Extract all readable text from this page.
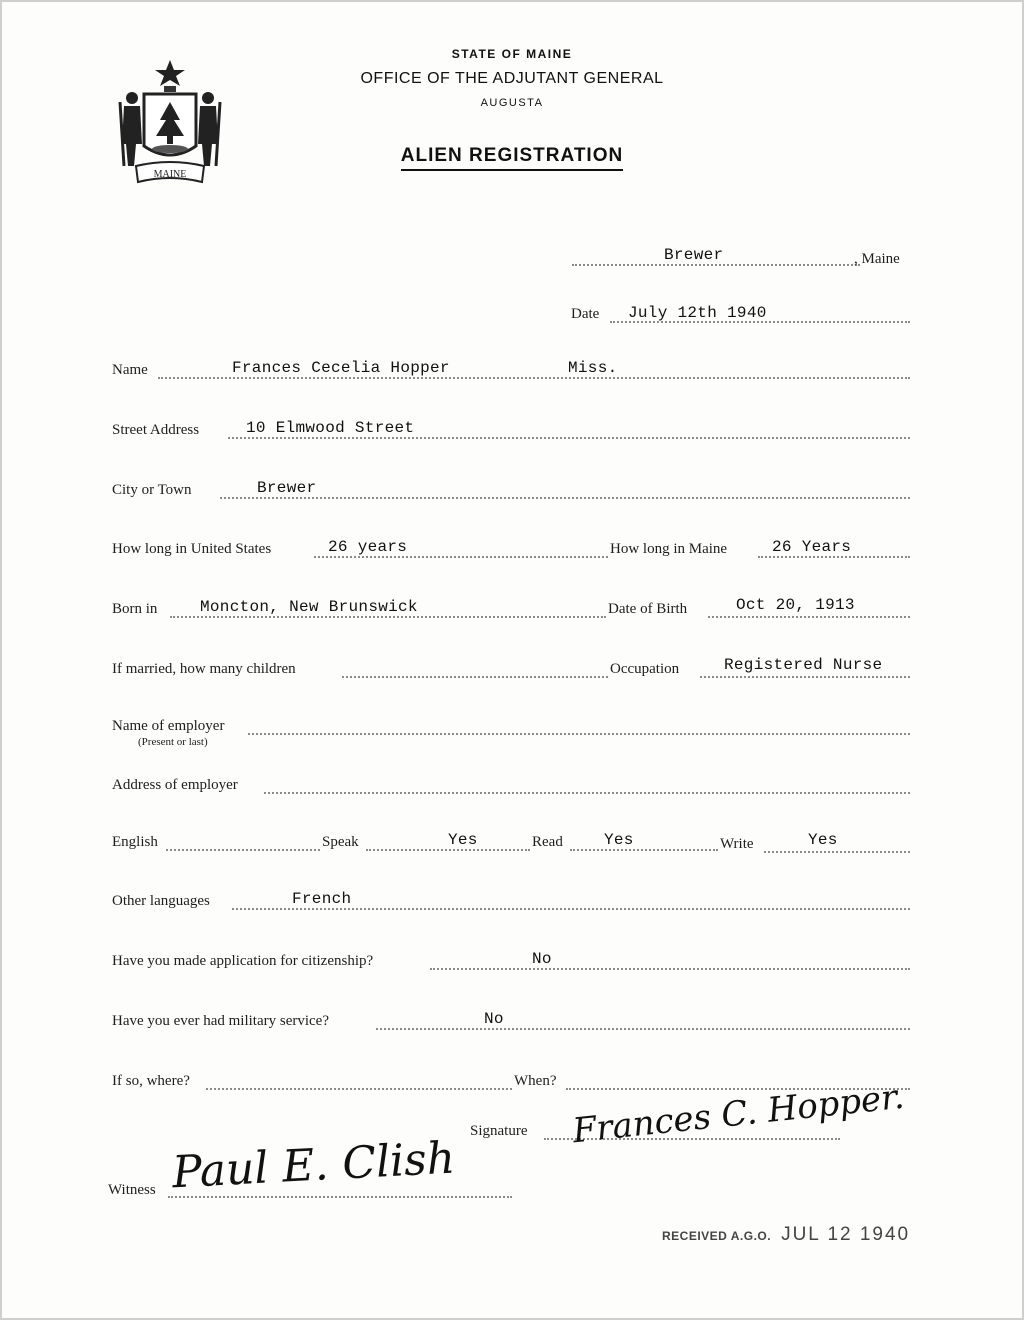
MAINE
STATE OF MAINE
OFFICE OF THE ADJUTANT GENERAL
AUGUSTA
ALIEN REGISTRATION
Brewer	, Maine
Date July 12th 1940
Name	Frances Cecelia Hopper	Miss.
Street Address	10 Elmwood Street
City or Town	Brewer
How long in United States	26 years	How long in Maine	26 Years
Born in	Moncton, New Brunswick	Date of Birth	Oct 20, 1913
If married, how many children	Occupation	Registered Nurse
Name of employer
(Present or last)
Address of employer
English	Speak	Yes	Read	Yes	Write	Yes
Other languages	French
Have you made application for citizenship?	No
Have you ever had military service?	No
If so, where?	When?
Signature Frances C. Hopper.
Witness Paul E. Clish
RECEIVED A.G.O. JUL 12 1940
